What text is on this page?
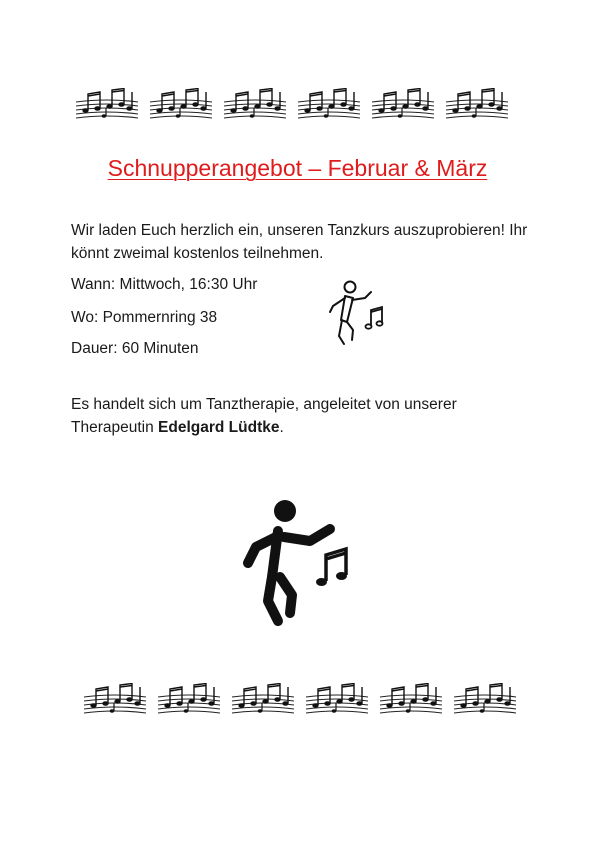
Schnupperangebot – Februar & März
Wir laden Euch herzlich ein, unseren Tanzkurs auszuprobieren! Ihr könnt zweimal kostenlos teilnehmen.
Wann: Mittwoch, 16:30 Uhr
Wo: Pommernring 38
Dauer: 60 Minuten
Es handelt sich um Tanztherapie, angeleitet von unserer Therapeutin Edelgard Lüdtke.
